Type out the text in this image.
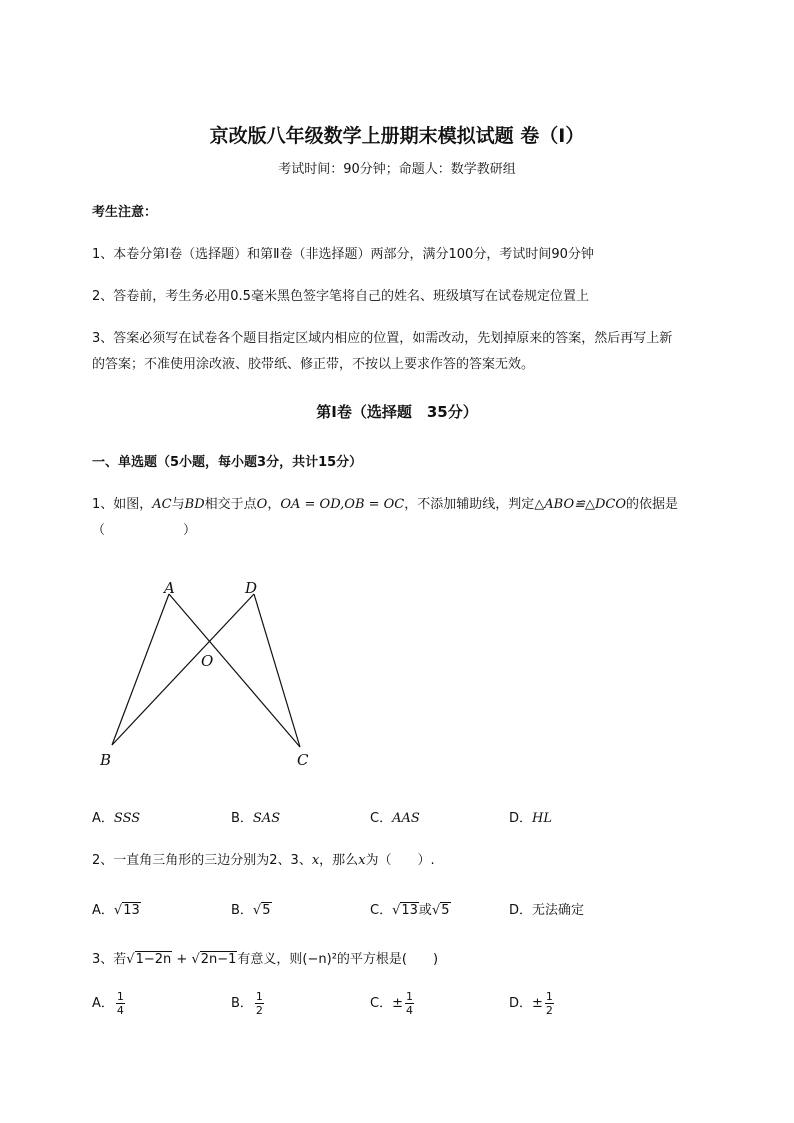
京改版八年级数学上册期末模拟试题 卷（Ⅰ）
考试时间：90分钟；命题人：数学教研组
考生注意：
1、本卷分第I卷（选择题）和第Ⅱ卷（非选择题）两部分，满分100分，考试时间90分钟
2、答卷前，考生务必用0.5毫米黑色签字笔将自己的姓名、班级填写在试卷规定位置上
3、答案必须写在试卷各个题目指定区域内相应的位置，如需改动，先划掉原来的答案，然后再写上新
的答案；不准使用涂改液、胶带纸、修正带，不按以上要求作答的答案无效。
第I卷（选择题　35分）
一、单选题（5小题，每小题3分，共计15分）
1、如图，AC与BD相交于点O，OA = OD,OB = OC，不添加辅助线，判定△ABO≌△DCO的依据是
（　　　　　　）
A	D
O
B	C
A．SSS	B．SAS	C．AAS	D．HL
2、一直角三角形的三边分别为2、3、x，那么x为（　　）.
A．√13	B．√5	C．√13或√5	D．无法确定
3、若√1−2n + √2n−1有意义，则(−n)²的平方根是(　　)
A． $\frac{1}{4}$	B． $\frac{1}{2}$	C．± $\frac{1}{4}$	D．± $\frac{1}{2}$
